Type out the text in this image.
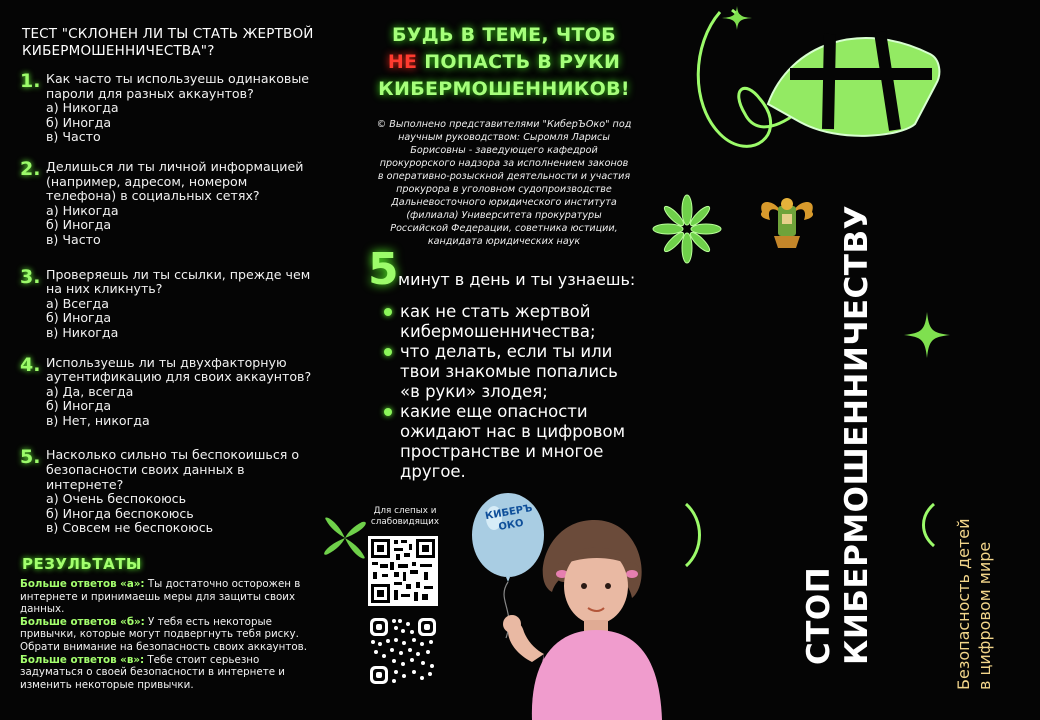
ТЕСТ "СКЛОНЕН ЛИ ТЫ СТАТЬ ЖЕРТВОЙ
КИБЕРМОШЕННИЧЕСТВА"?
1. Как часто ты используешь одинаковые
пароли для разных аккаунтов?
а) Никогда
б) Иногда
в) Часто
2. Делишься ли ты личной информацией
(например, адресом, номером
телефона) в социальных сетях?
а) Никогда
б) Иногда
в) Часто
3. Проверяешь ли ты ссылки, прежде чем
на них кликнуть?
а) Всегда
б) Иногда
в) Никогда
4. Используешь ли ты двухфакторную
аутентификацию для своих аккаунтов?
а) Да, всегда
б) Иногда
в) Нет, никогда
5. Насколько сильно ты беспокоишься о
безопасности своих данных в
интернете?
а) Очень беспокоюсь
б) Иногда беспокоюсь
в) Совсем не беспокоюсь
РЕЗУЛЬТАТЫ
Больше ответов «а»: Ты достаточно осторожен в
интернете и принимаешь меры для защиты своих
данных.
Больше ответов «б»: У тебя есть некоторые
привычки, которые могут подвергнуть тебя риску.
Обрати внимание на безопасность своих аккаунтов.
Больше ответов «в»: Тебе стоит серьезно
задуматься о своей безопасности в интернете и
изменить некоторые привычки.
БУДЬ В ТЕМЕ, ЧТОБ
НЕ ПОПАСТЬ В РУКИ
КИБЕРМОШЕННИКОВ!
© Выполнено представителями "КиберЪОко" под
научным руководством: Сыромля Ларисы
Борисовны - заведующего кафедрой
прокурорского надзора за исполнением законов
в оперативно-розыскной деятельности и участия
прокурора в уголовном судопроизводстве
Дальневосточного юридического института
(филиала) Университета прокуратуры
Российской Федерации, советника юстиции,
кандидата юридических наук
5 минут в день и ты узнаешь:
как не стать жертвой
кибермошенничества;
что делать, если ты или
твои знакомые попались
«в руки» злодея;
какие еще опасности
ожидают нас в цифровом
пространстве и многое
другое.
Для слепых и
слабовидящих	КИБЕРЪ
ОКО
СТОП
КИБЕРМОШЕННИЧЕСТВУ	Безопасность детей в цифровом мире
